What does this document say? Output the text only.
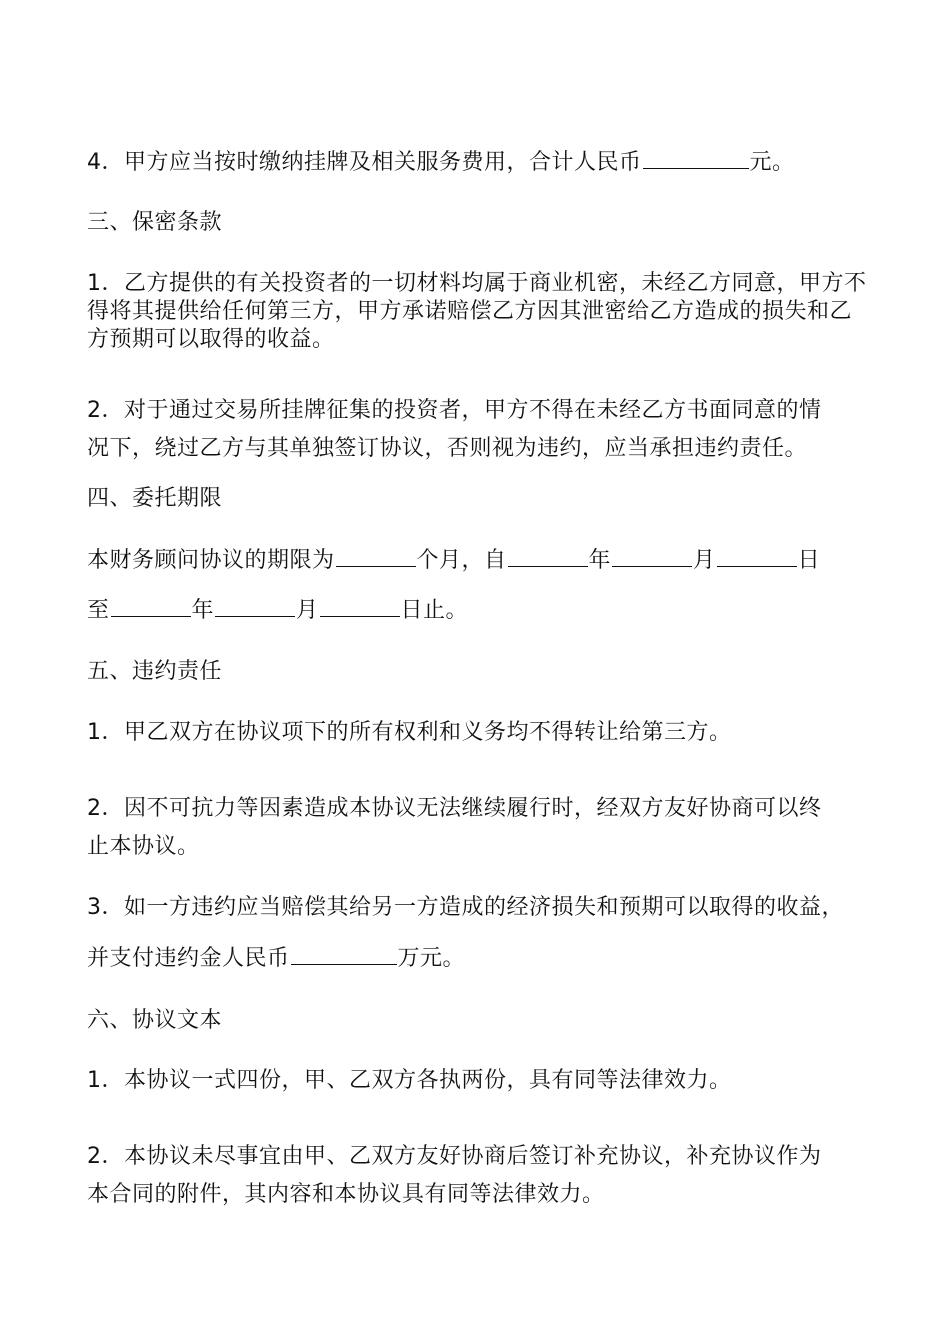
4．甲方应当按时缴纳挂牌及相关服务费用，合计人民币	元。
三、保密条款
1．乙方提供的有关投资者的一切材料均属于商业机密，未经乙方同意，甲方不得将其提供给任何第三方，甲方承诺赔偿乙方因其泄密给乙方造成的损失和乙方预期可以取得的收益。
2．对于通过交易所挂牌征集的投资者，甲方不得在未经乙方书面同意的情
况下，绕过乙方与其单独签订协议，否则视为违约，应当承担违约责任。
四、委托期限
本财务顾问协议的期限为	个月，自	年	月	日
至	年	月	日止。
五、违约责任
1．甲乙双方在协议项下的所有权利和义务均不得转让给第三方。
2．因不可抗力等因素造成本协议无法继续履行时，经双方友好协商可以终
止本协议。
3．如一方违约应当赔偿其给另一方造成的经济损失和预期可以取得的收益，
并支付违约金人民币	万元。
六、协议文本
1．本协议一式四份，甲、乙双方各执两份，具有同等法律效力。
2．本协议未尽事宜由甲、乙双方友好协商后签订补充协议，补充协议作为
本合同的附件，其内容和本协议具有同等法律效力。
